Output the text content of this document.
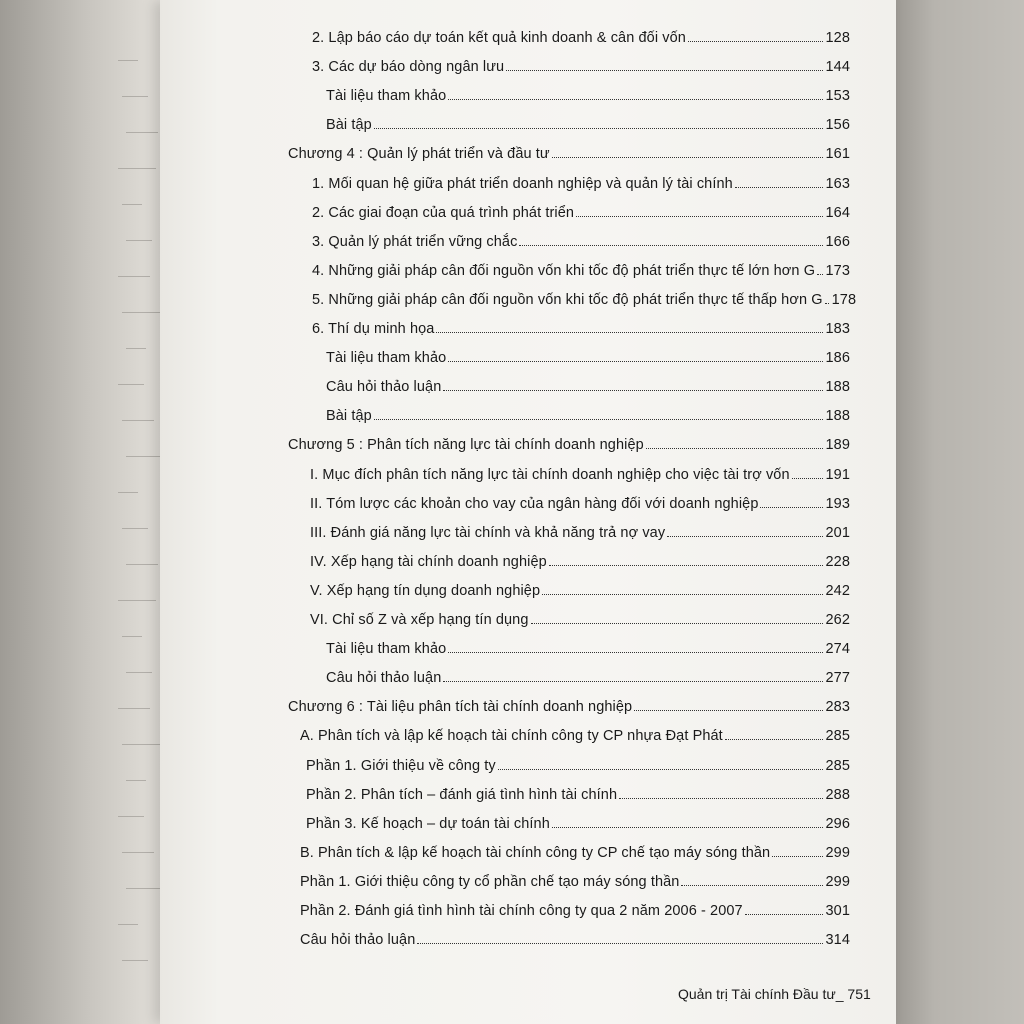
2. Lập báo cáo dự toán kết quả kinh doanh & cân đối vốn	128
3. Các dự báo dòng ngân lưu	144
Tài liệu tham khảo	153
Bài tập	156
Chương 4 : Quản lý phát triển và đầu tư	161
1. Mối quan hệ giữa phát triển doanh nghiệp và quản lý tài chính	163
2. Các giai đoạn của quá trình phát triển	164
3. Quản lý phát triển vững chắc	166
4. Những giải pháp cân đối nguồn vốn khi tốc độ phát triển thực tế lớn hơn G 173
5. Những giải pháp cân đối nguồn vốn khi tốc độ phát triển thực tế thấp hơn G 178
6. Thí dụ minh họa	183
Tài liệu tham khảo	186
Câu hỏi thảo luận	188
Bài tập	188
Chương 5 : Phân tích năng lực tài chính doanh nghiệp	189
I. Mục đích phân tích năng lực tài chính doanh nghiệp cho việc tài trợ vốn 191
II. Tóm lược các khoản cho vay của ngân hàng đối với doanh nghiệp	193
III. Đánh giá năng lực tài chính và khả năng trả nợ vay	201
IV. Xếp hạng tài chính doanh nghiệp	228
V. Xếp hạng tín dụng doanh nghiệp	242
VI. Chỉ số Z và xếp hạng tín dụng	262
Tài liệu tham khảo	274
Câu hỏi thảo luận	277
Chương 6 : Tài liệu phân tích tài chính doanh nghiệp	283
A. Phân tích và lập kế hoạch tài chính công ty CP nhựa Đạt Phát	285
Phần 1. Giới thiệu về công ty	285
Phần 2. Phân tích – đánh giá tình hình tài chính	288
Phần 3. Kế hoạch – dự toán tài chính	296
B. Phân tích & lập kế hoạch tài chính công ty CP chế tạo máy sóng thần	299
Phần 1. Giới thiệu công ty cổ phần chế tạo máy sóng thần	299
Phần 2. Đánh giá tình hình tài chính công ty qua 2 năm 2006 - 2007	301
Câu hỏi thảo luận	314
Quản trị Tài chính Đầu tư_ 751
